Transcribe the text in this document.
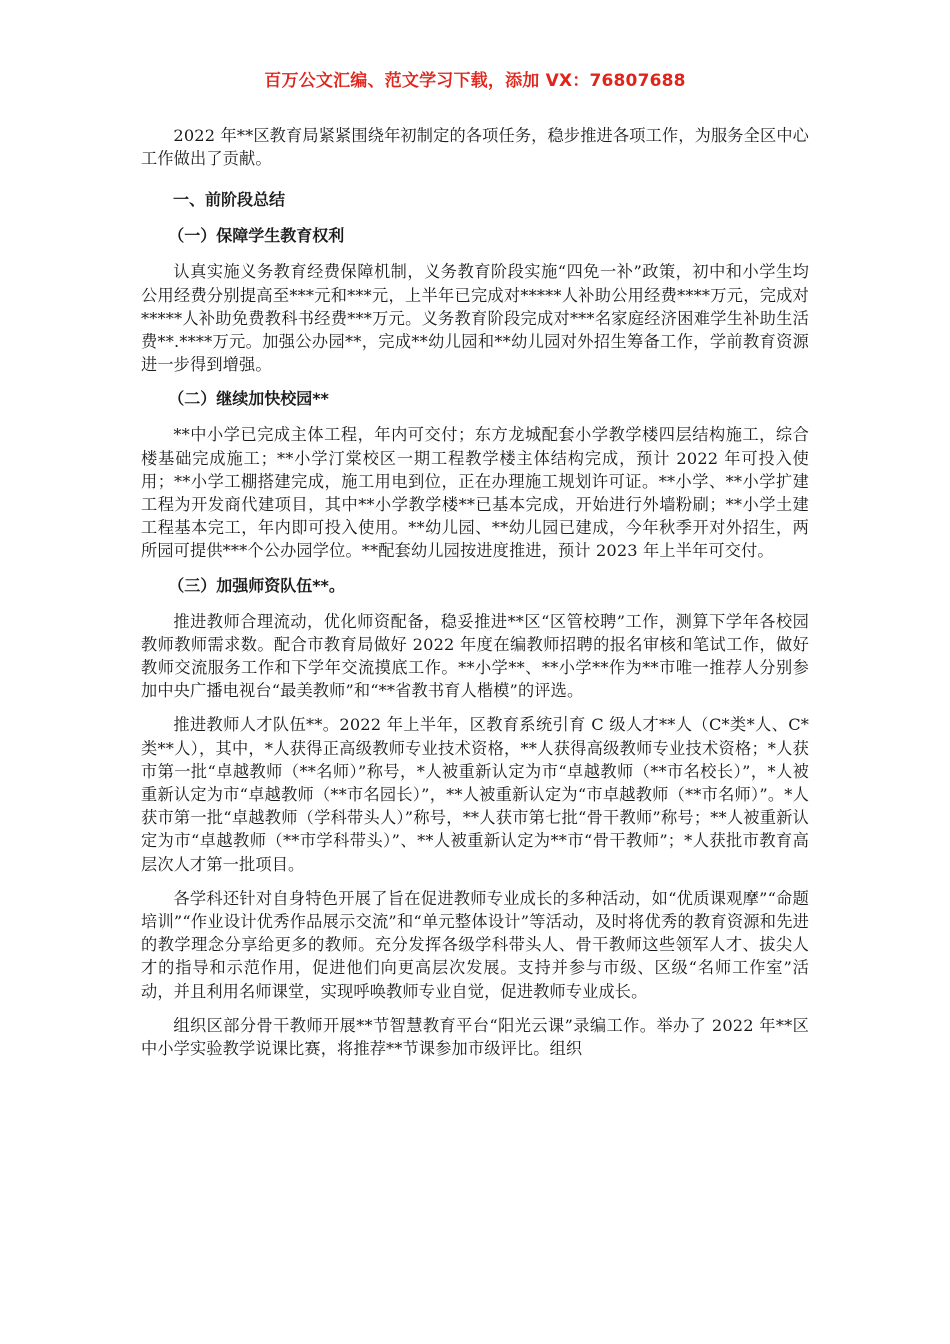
百万公文汇编、范文学习下载，添加 VX：76807688

2022 年**区教育局紧紧围绕年初制定的各项任务，稳步推进各项工作，为服务全区中心工作做出了贡献。

一、前阶段总结
（一）保障学生教育权利

认真实施义务教育经费保障机制，义务教育阶段实施“四免一补”政策，初中和小学生均公用经费分别提高至***元和***元，上半年已完成对*****人补助公用经费****万元，完成对*****人补助免费教科书经费***万元。义务教育阶段完成对***名家庭经济困难学生补助生活费**.****万元。加强公办园**，完成**幼儿园和**幼儿园对外招生筹备工作，学前教育资源进一步得到增强。

（二）继续加快校园**

**中小学已完成主体工程，年内可交付；东方龙城配套小学教学楼四层结构施工，综合楼基础完成施工；**小学汀棠校区一期工程教学楼主体结构完成，预计 2022 年可投入使用；**小学工棚搭建完成，施工用电到位，正在办理施工规划许可证。**小学、**小学扩建工程为开发商代建项目，其中**小学教学楼**已基本完成，开始进行外墙粉刷；**小学土建工程基本完工，年内即可投入使用。**幼儿园、**幼儿园已建成，今年秋季开对外招生，两所园可提供***个公办园学位。**配套幼儿园按进度推进，预计 2023 年上半年可交付。

（三）加强师资队伍**。

推进教师合理流动，优化师资配备，稳妥推进**区“区管校聘”工作，测算下学年各校园教师教师需求数。配合市教育局做好 2022 年度在编教师招聘的报名审核和笔试工作，做好教师交流服务工作和下学年交流摸底工作。**小学**、**小学**作为**市唯一推荐人分别参加中央广播电视台“最美教师”和“**省教书育人楷模”的评选。

推进教师人才队伍**。2022 年上半年，区教育系统引育 C 级人才**人（C*类*人、C*类**人），其中，*人获得正高级教师专业技术资格，**人获得高级教师专业技术资格；*人获市第一批“卓越教师（**名师）”称号，*人被重新认定为市“卓越教师（**市名校长）”，*人被重新认定为市“卓越教师（**市名园长）”，**人被重新认定为“市卓越教师（**市名师）”。*人获市第一批“卓越教师（学科带头人）”称号，**人获市第七批“骨干教师”称号；**人被重新认定为市“卓越教师（**市学科带头）”、**人被重新认定为**市“骨干教师”；*人获批市教育高层次人才第一批项目。

各学科还针对自身特色开展了旨在促进教师专业成长的多种活动，如“优质课观摩”“命题培训”“作业设计优秀作品展示交流”和“单元整体设计”等活动，及时将优秀的教育资源和先进的教学理念分享给更多的教师。充分发挥各级学科带头人、骨干教师这些领军人才、拔尖人才的指导和示范作用，促进他们向更高层次发展。支持并参与市级、区级“名师工作室”活动，并且利用名师课堂，实现呼唤教师专业自觉，促进教师专业成长。

组织区部分骨干教师开展**节智慧教育平台“阳光云课”录编工作。举办了 2022 年**区中小学实验教学说课比赛，将推荐**节课参加市级评比。组织
